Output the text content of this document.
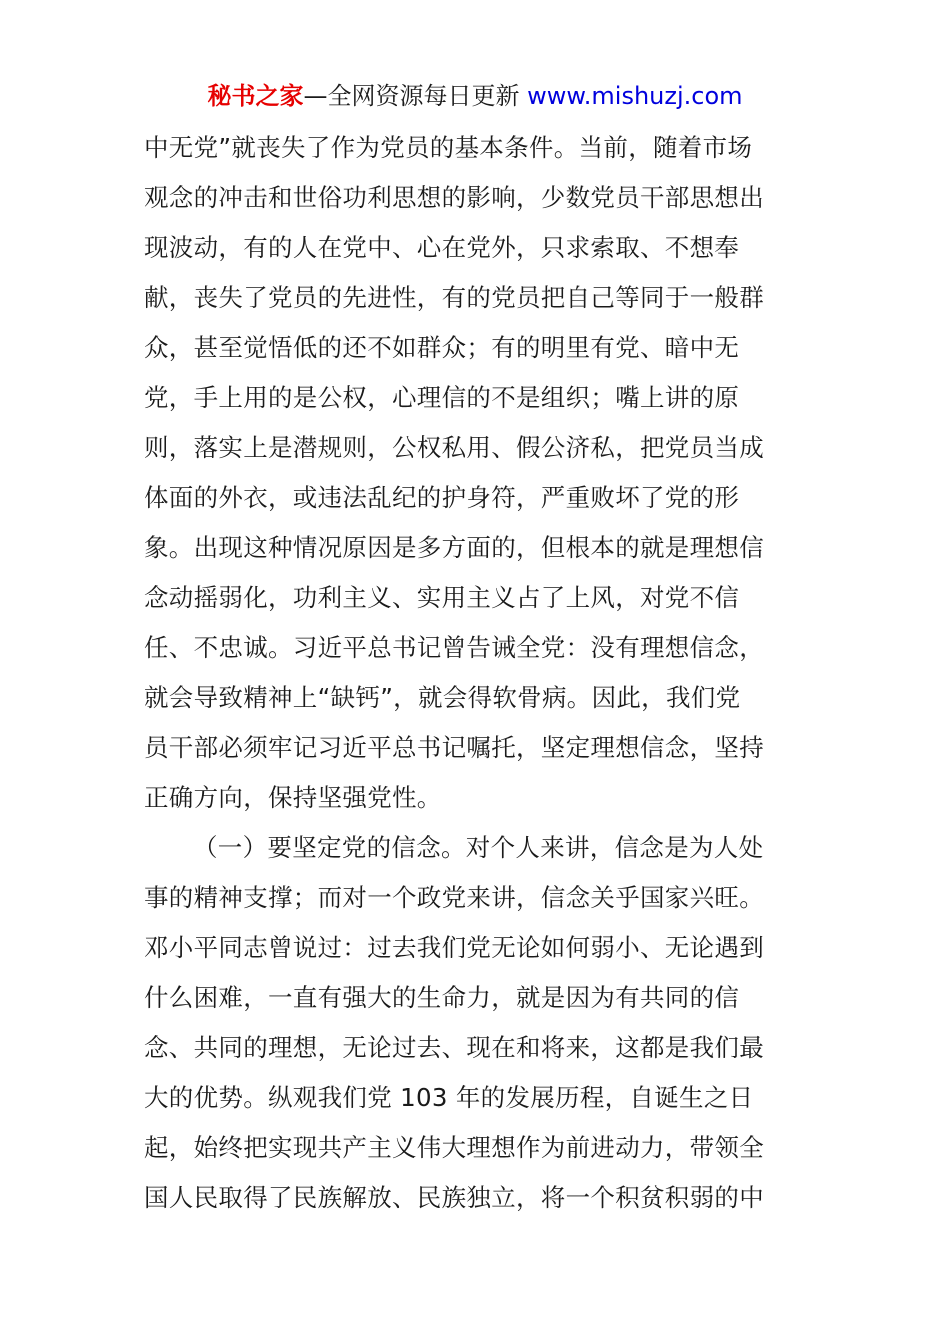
秘书之家—全网资源每日更新 www.mishuzj.com
中无党”就丧失了作为党员的基本条件。当前，随着市场
观念的冲击和世俗功利思想的影响，少数党员干部思想出
现波动，有的人在党中、心在党外，只求索取、不想奉
献，丧失了党员的先进性，有的党员把自己等同于一般群
众，甚至觉悟低的还不如群众；有的明里有党、暗中无
党，手上用的是公权，心理信的不是组织；嘴上讲的原
则，落实上是潜规则，公权私用、假公济私，把党员当成
体面的外衣，或违法乱纪的护身符，严重败坏了党的形
象。出现这种情况原因是多方面的，但根本的就是理想信
念动摇弱化，功利主义、实用主义占了上风，对党不信
任、不忠诚。习近平总书记曾告诫全党：没有理想信念，
就会导致精神上“缺钙”，就会得软骨病。因此，我们党
员干部必须牢记习近平总书记嘱托，坚定理想信念，坚持
正确方向，保持坚强党性。
（一）要坚定党的信念。对个人来讲，信念是为人处
事的精神支撑；而对一个政党来讲，信念关乎国家兴旺。
邓小平同志曾说过：过去我们党无论如何弱小、无论遇到
什么困难，一直有强大的生命力，就是因为有共同的信
念、共同的理想，无论过去、现在和将来，这都是我们最
大的优势。纵观我们党 103 年的发展历程，自诞生之日
起，始终把实现共产主义伟大理想作为前进动力，带领全
国人民取得了民族解放、民族独立，将一个积贫积弱的中
